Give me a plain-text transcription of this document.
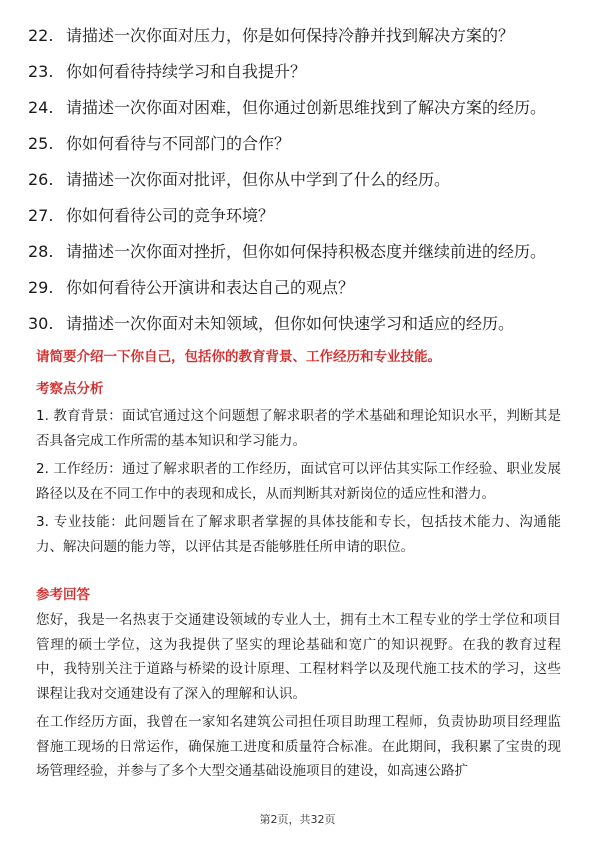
22. 请描述一次你面对压力，你是如何保持冷静并找到解决方案的？
23. 你如何看待持续学习和自我提升？
24. 请描述一次你面对困难，但你通过创新思维找到了解决方案的经历。
25. 你如何看待与不同部门的合作？
26. 请描述一次你面对批评，但你从中学到了什么的经历。
27. 你如何看待公司的竞争环境？
28. 请描述一次你面对挫折，但你如何保持积极态度并继续前进的经历。
29. 你如何看待公开演讲和表达自己的观点？
30. 请描述一次你面对未知领域，但你如何快速学习和适应的经历。
请简要介绍一下你自己，包括你的教育背景、工作经历和专业技能。
考察点分析

1. 教育背景：面试官通过这个问题想了解求职者的学术基础和理论知识水平，判断其是否具备完成工作所需的基本知识和学习能力。

2. 工作经历：通过了解求职者的工作经历，面试官可以评估其实际工作经验、职业发展路径以及在不同工作中的表现和成长，从而判断其对新岗位的适应性和潜力。

3. 专业技能：此问题旨在了解求职者掌握的具体技能和专长，包括技术能力、沟通能力、解决问题的能力等，以评估其是否能够胜任所申请的职位。

参考回答

您好，我是一名热衷于交通建设领域的专业人士，拥有土木工程专业的学士学位和项目管理的硕士学位，这为我提供了坚实的理论基础和宽广的知识视野。在我的教育过程中，我特别关注于道路与桥梁的设计原理、工程材料学以及现代施工技术的学习，这些课程让我对交通建设有了深入的理解和认识。

在工作经历方面，我曾在一家知名建筑公司担任项目助理工程师，负责协助项目经理监督施工现场的日常运作，确保施工进度和质量符合标准。在此期间，我积累了宝贵的现场管理经验，并参与了多个大型交通基础设施项目的建设，如高速公路扩

第2页，共32页
